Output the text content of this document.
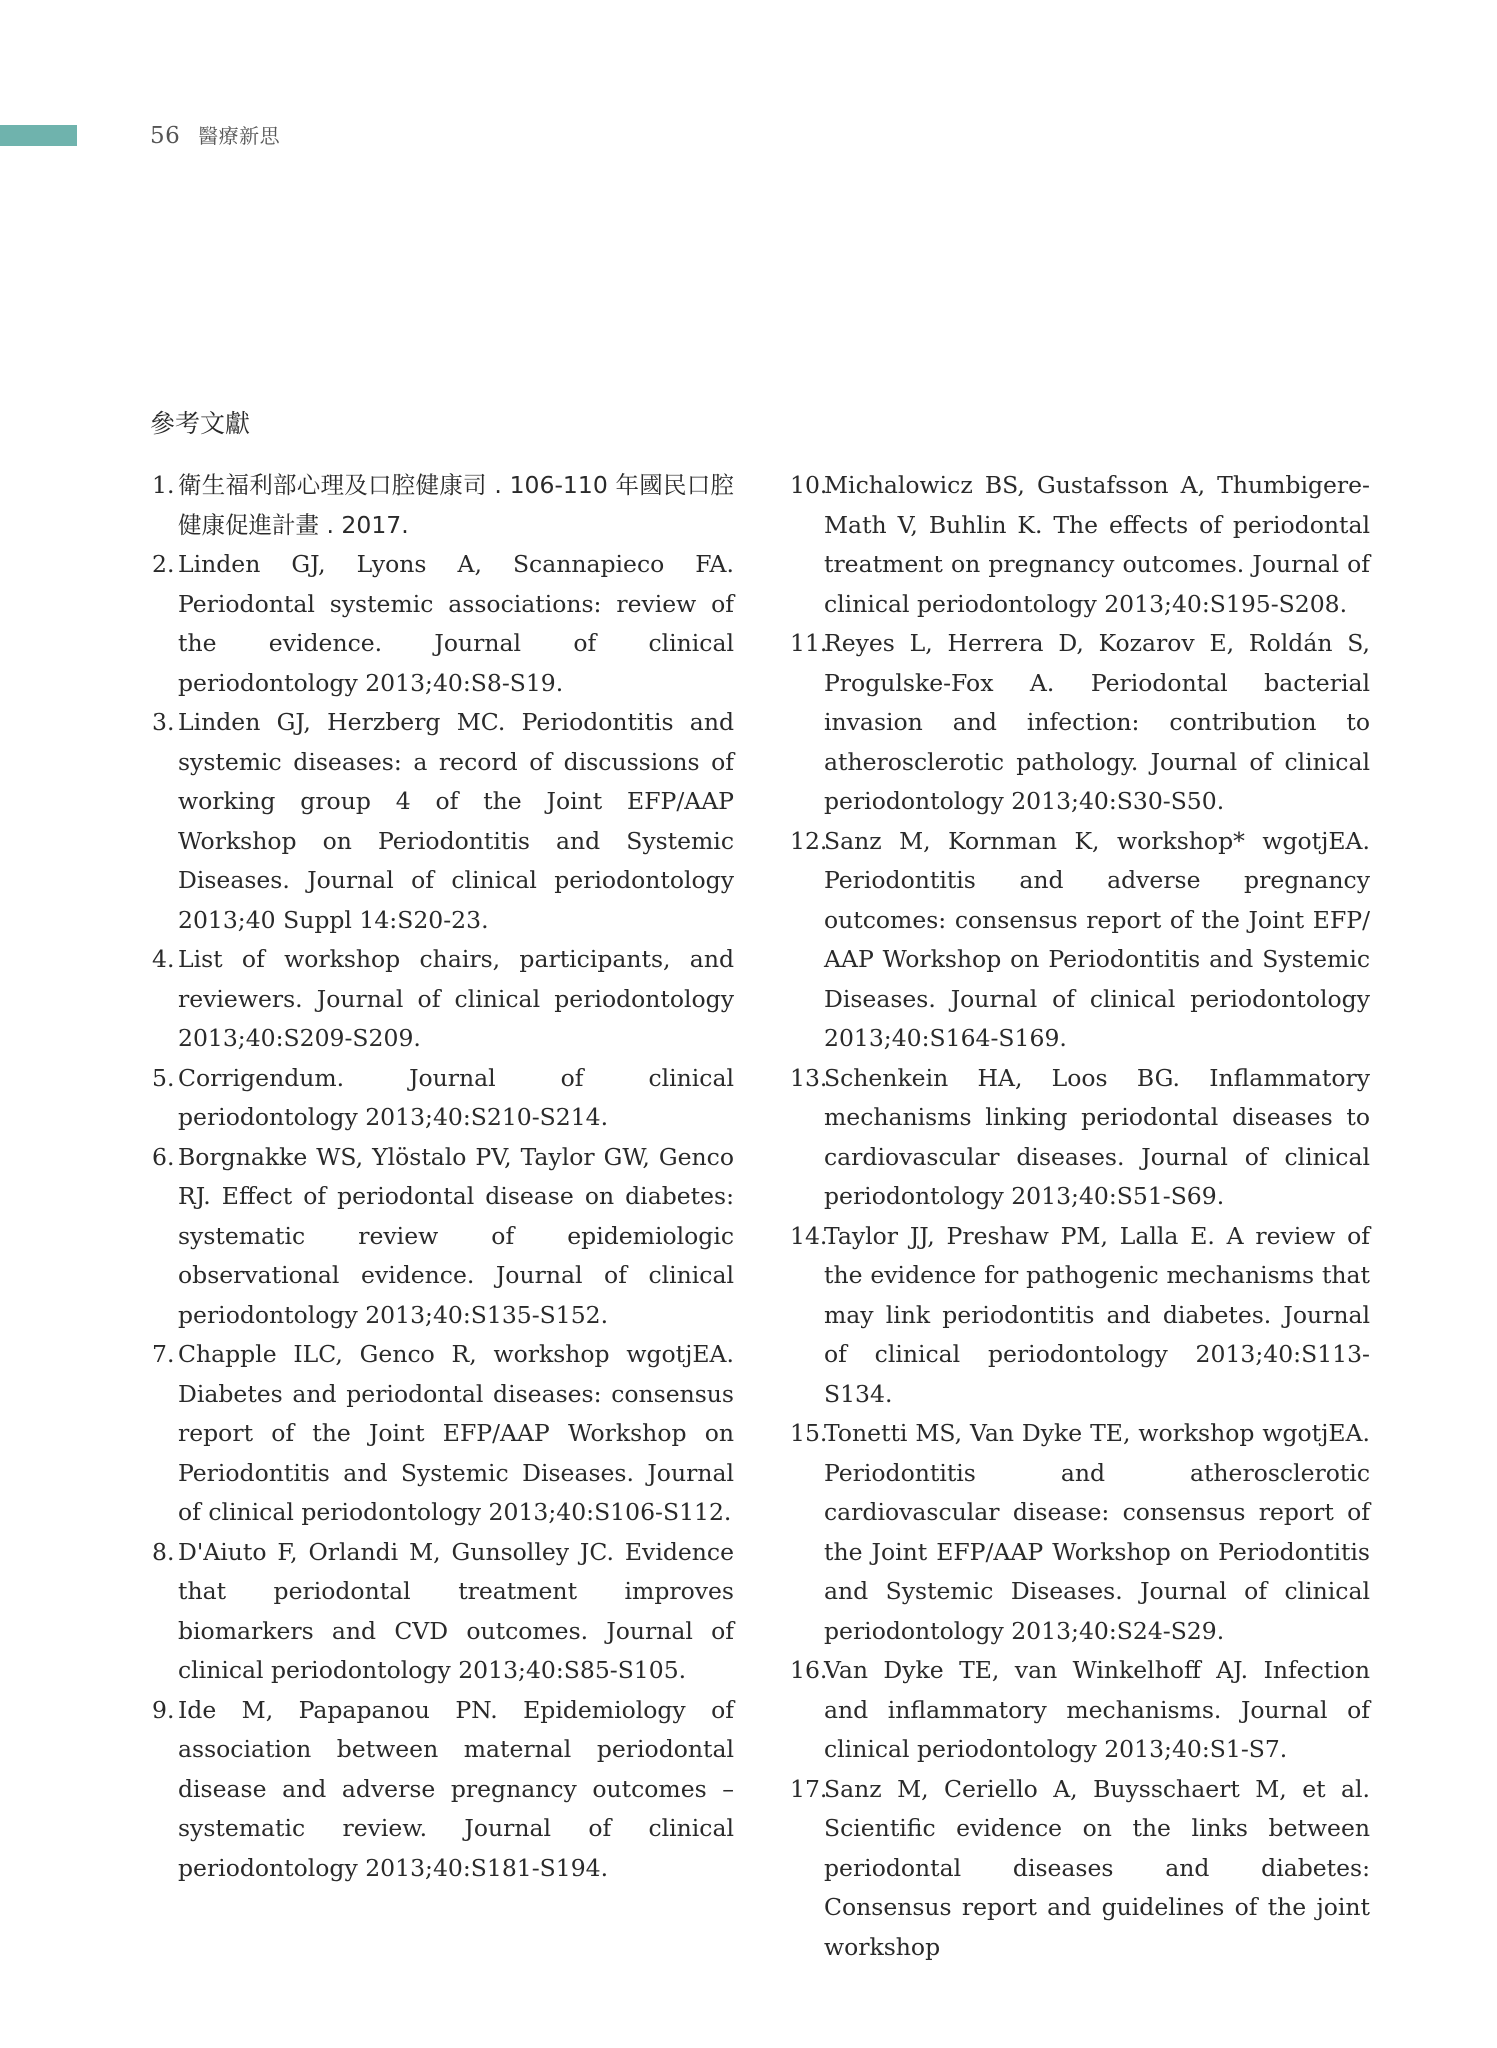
56 醫療新思
參考文獻
1. 衛生福利部心理及口腔健康司 . 106-110 年國民口腔健康促進計畫 . 2017.
2. Linden GJ, Lyons A, Scannapieco FA. Periodontal systemic associations: review of the evidence. Journal of clinical periodontology 2013;40:S8-S19.
3. Linden GJ, Herzberg MC. Periodontitis and systemic diseases: a record of discussions of working group 4 of the Joint EFP/AAP Workshop on Periodontitis and Systemic Diseases. Journal of clinical periodontology 2013;40 Suppl 14:S20-23.
4. List of workshop chairs, participants, and reviewers. Journal of clinical periodontology 2013;40:S209-S209.
5. Corrigendum. Journal of clinical periodontology 2013;40:S210-S214.
6. Borgnakke WS, Ylöstalo PV, Taylor GW, Genco RJ. Effect of periodontal disease on diabetes: systematic review of epidemiologic observational evidence. Journal of clinical periodontology 2013;40:S135-S152.
7. Chapple ILC, Genco R, workshop wgotjEA. Diabetes and periodontal diseases: consensus report of the Joint EFP/AAP Workshop on Periodontitis and Systemic Diseases. Journal of clinical periodontology 2013;40:S106-S112.
8. D'Aiuto F, Orlandi M, Gunsolley JC. Evidence that periodontal treatment improves biomarkers and CVD outcomes. Journal of clinical periodontology 2013;40:S85-S105.
9. Ide M, Papapanou PN. Epidemiology of association between maternal periodontal disease and adverse pregnancy outcomes – systematic review. Journal of clinical periodontology 2013;40:S181-S194.
10.
Michalowicz BS, Gustafsson A, Thumbigere-Math V, Buhlin K. The effects of periodontal treatment on pregnancy outcomes. Journal of clinical periodontology 2013;40:S195-S208.
11.
Reyes L, Herrera D, Kozarov E, Roldán S, Progulske-Fox A. Periodontal bacterial invasion and infection: contribution to atherosclerotic pathology. Journal of clinical periodontology 2013;40:S30-S50.
12.
Sanz M, Kornman K, workshop* wgotjEA. Periodontitis and adverse pregnancy outcomes: consensus report of the Joint EFP/ AAP Workshop on Periodontitis and Systemic Diseases. Journal of clinical periodontology 2013;40:S164-S169.
13.
Schenkein HA, Loos BG. Inflammatory mechanisms linking periodontal diseases to cardiovascular diseases. Journal of clinical periodontology 2013;40:S51-S69.
14.
Taylor JJ, Preshaw PM, Lalla E. A review of the evidence for pathogenic mechanisms that may link periodontitis and diabetes. Journal of clinical periodontology 2013;40:S113-S134.
15.
Tonetti MS, Van Dyke TE, workshop wgotjEA. Periodontitis and atherosclerotic cardiovascular disease: consensus report of the Joint EFP/AAP Workshop on Periodontitis and Systemic Diseases. Journal of clinical periodontology 2013;40:S24-S29.
16.
Van Dyke TE, van Winkelhoff AJ. Infection and inflammatory mechanisms. Journal of clinical periodontology 2013;40:S1-S7.
17.
Sanz M, Ceriello A, Buysschaert M, et al. Scientific evidence on the links between periodontal diseases and diabetes: Consensus report and guidelines of the joint workshop
